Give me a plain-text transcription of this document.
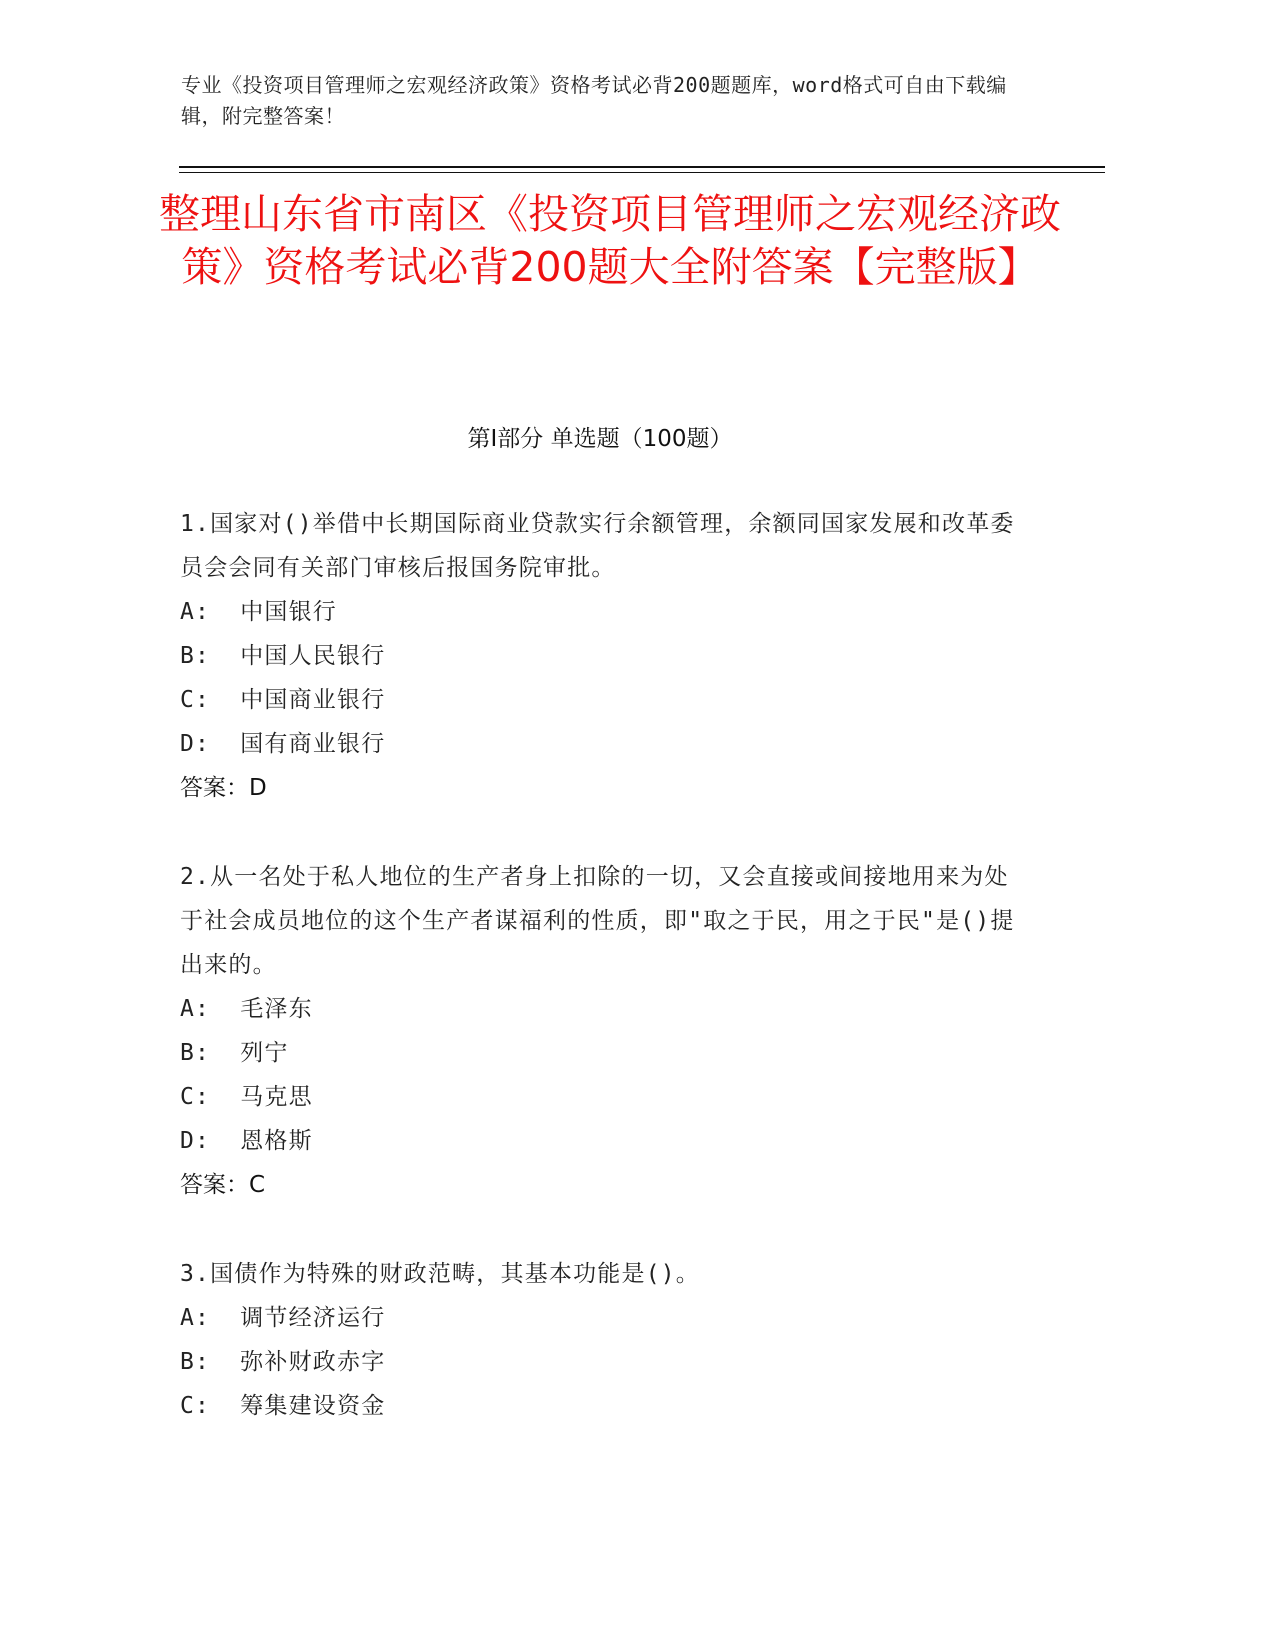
专业《投资项目管理师之宏观经济政策》资格考试必背200题题库，word格式可自由下载编辑，附完整答案！
整理山东省市南区《投资项目管理师之宏观经济政策》资格考试必背200题大全附答案【完整版】
第Ⅰ部分 单选题（100题）
1.国家对()举借中长期国际商业贷款实行余额管理，余额同国家发展和改革委员会会同有关部门审核后报国务院审批。
A:  中国银行
B:  中国人民银行
C:  中国商业银行
D:  国有商业银行
答案：D
2.从一名处于私人地位的生产者身上扣除的一切，又会直接或间接地用来为处于社会成员地位的这个生产者谋福利的性质，即"取之于民，用之于民"是()提出来的。
A:  毛泽东
B:  列宁
C:  马克思
D:  恩格斯
答案：C
3.国债作为特殊的财政范畴，其基本功能是()。
A:  调节经济运行
B:  弥补财政赤字
C:  筹集建设资金
